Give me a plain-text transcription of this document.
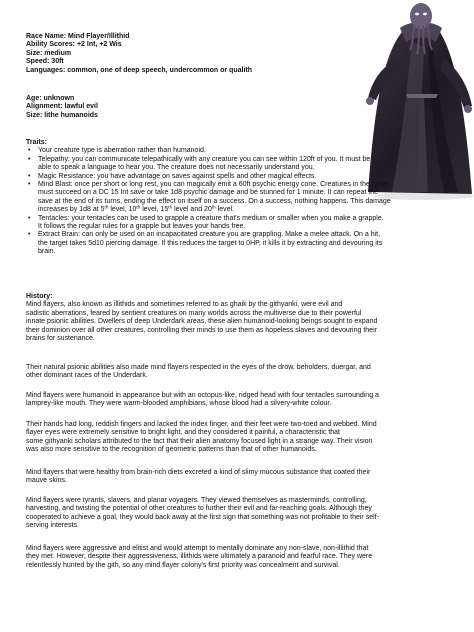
Race Name: Mind Flayer/Illithid
Ability Scores: +2 Int, +2 Wis
Size: medium
Speed: 30ft
Languages: common, one of deep speech, undercommon or qualith
Age: unknown
Alignment: lawful evil
Size: lithe humanoids
Traits:
• Your creature type is aberration rather than humanoid.
• Telepathy: you can communicate telepathically with any creature you can see within 120ft of you. It must be
able to speak a language to hear you. The creature does not necessarily understand you.
• Magic Resistance: you have advantage on saves against spells and other magical effects.
• Mind Blast: once per short or long rest, you can magically emit a 60ft psychic energy cone. Creatures in the cone
must succeed on a DC 15 Int save or take 1d8 psychic damage and be stunned for 1 minute. It can repeat the
save at the end of its turns, ending the effect on itself on a success. On a success, nothing happens. This damage
increases by 1d8 at 5th level, 10th level, 15th level and 20th level.
• Tentacles: your tentacles can be used to grapple a creature that's medium or smaller when you make a grapple.
It follows the regular rules for a grapple but leaves your hands free.
• Extract Brain: can only be used on an incapacitated creature you are grappling. Make a melee attack. On a hit,
the target takes 5d10 piercing damage. If this reduces the target to 0HP, it kills it by extracting and devouring its
brain.
History:
Mind flayers, also known as illithids and sometimes referred to as ghaik by the githyanki, were evil and
sadistic aberrations, feared by sentient creatures on many worlds across the multiverse due to their powerful
innate psionic abilities. Dwellers of deep Underdark areas, these alien humanoid-looking beings sought to expand
their dominion over all other creatures, controlling their minds to use them as hopeless slaves and devouring their
brains for sustenance.
Their natural psionic abilities also made mind flayers respected in the eyes of the drow, beholders, duergar, and
other dominant races of the Underdark.
Mind flayers were humanoid in appearance but with an octopus-like, ridged head with four tentacles surrounding a
lamprey-like mouth. They were warm-blooded amphibians, whose blood had a silvery-white colour.
Their hands had long, reddish fingers and lacked the index finger, and their feet were two-toed and webbed. Mind
flayer eyes were extremely sensitive to bright light, and they considered it painful, a characteristic that
some githyanki scholars attributed to the fact that their alien anatomy focused light in a strange way. Their vision
was also more sensitive to the recognition of geometric patterns than that of other humanoids.
Mind flayers that were healthy from brain-rich diets excreted a kind of slimy mucous substance that coated their
mauve skins.
Mind flayers were tyrants, slavers, and planar voyagers. They viewed themselves as masterminds, controlling,
harvesting, and twisting the potential of other creatures to further their evil and far-reaching goals. Although they
cooperated to achieve a goal, they would back away at the first sign that something was not profitable to their self-
serving interests.
Mind flayers were aggressive and elitist and would attempt to mentally dominate any non-slave, non-illithid that
they met. However, despite their aggressiveness, illithids were ultimately a paranoid and fearful race. They were
relentlessly hunted by the gith, so any mind flayer colony's first priority was concealment and survival.
